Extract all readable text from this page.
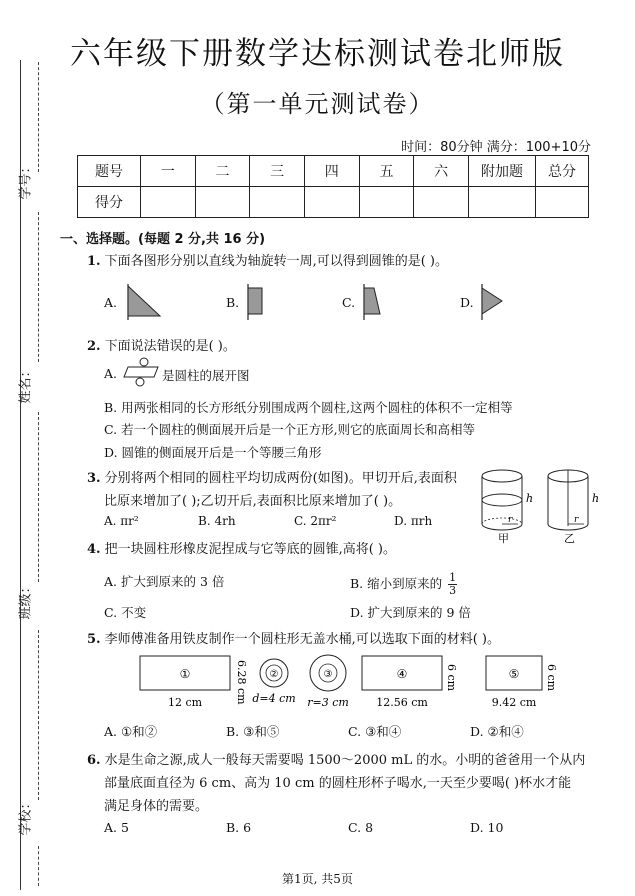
学号：
姓名：
班级：
学校：
六年级下册数学达标测试卷北师版
（第一单元测试卷）
时间：80分钟 满分：100+10分
题号	一	二	三	四	五	六	附加题	总分
得分								
一、选择题。(每题 2 分,共 16 分)
1. 下面各图形分别以直线为轴旋转一周,可以得到圆锥的是( )。
A.	B.	C.	D.
2. 下面说法错误的是( )。
A.	是圆柱的展开图
B. 用两张相同的长方形纸分别围成两个圆柱,这两个圆柱的体积不一定相等
C. 若一个圆柱的侧面展开后是一个正方形,则它的底面周长和高相等
D. 圆锥的侧面展开后是一个等腰三角形
3. 分别将两个相同的圆柱平均切成两份(如图)。甲切开后,表面积
比原来增加了( );乙切开后,表面积比原来增加了( )。
A. πr²	B. 4rh	C. 2πr²	D. πrh
h
r
甲
h
r
乙
4. 把一块圆柱形橡皮泥捏成与它等底的圆锥,高将( )。
A. 扩大到原来的 3 倍	B. 缩小到原来的 $\frac{1}{3}$
C. 不变	D. 扩大到原来的 9 倍
5. 李师傅准备用铁皮制作一个圆柱形无盖水桶,可以选取下面的材料( )。
①
12 cm	6.28 cm ②
d=4 cm
③
r=3 cm
④
12.56 cm
6 cm	⑤
9.42 cm
6 cm
A. ①和②	B. ③和⑤	C. ③和④	D. ②和④
6. 水是生命之源,成人一般每天需要喝 1500～2000 mL 的水。小明的爸爸用一个从内
部量底面直径为 6 cm、高为 10 cm 的圆柱形杯子喝水,一天至少要喝( )杯水才能
满足身体的需要。
A. 5	B. 6	C. 8	D. 10
第1页, 共5页
